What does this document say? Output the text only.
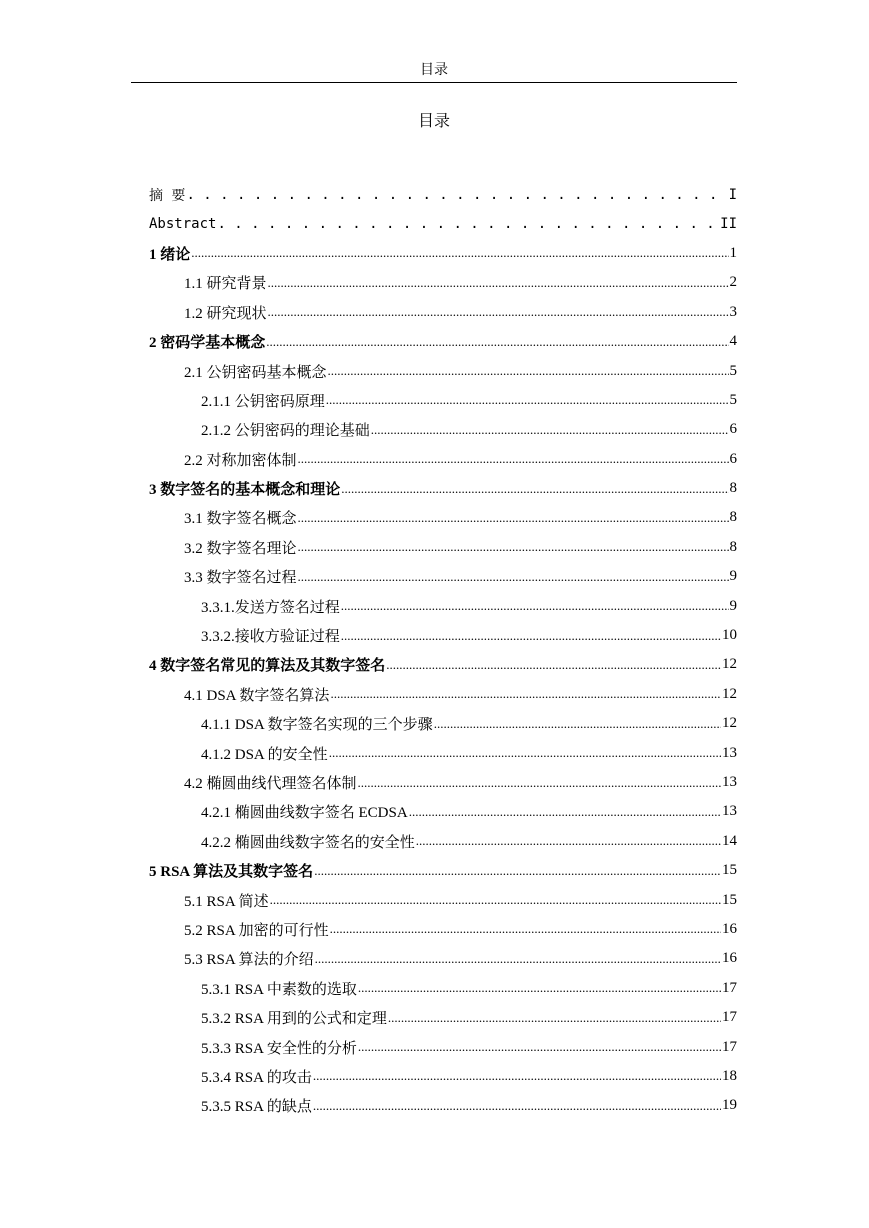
目录
目录
摘 要 . . .	I
Abstract . . .	II
1 绪论 .....	1
1.1 研究背景 .....	2
1.2 研究现状 .....	3
2 密码学基本概念 .....	4
2.1 公钥密码基本概念 .....	5
2.1.1 公钥密码原理 .....	5
2.1.2 公钥密码的理论基础 .....	6
2.2 对称加密体制 .....	6
3 数字签名的基本概念和理论 .....	8
3.1 数字签名概念 .....	8
3.2 数字签名理论 .....	8
3.3 数字签名过程 .....	9
3.3.1.发送方签名过程 .....	9
3.3.2.接收方验证过程 .....	10
4 数字签名常见的算法及其数字签名 .....	12
4.1 DSA 数字签名算法 .....	12
4.1.1 DSA 数字签名实现的三个步骤 .....	12
4.1.2 DSA 的安全性 .....	13
4.2 椭圆曲线代理签名体制 .....	13
4.2.1 椭圆曲线数字签名 ECDSA .....	13
4.2.2 椭圆曲线数字签名的安全性 .....	14
5 RSA 算法及其数字签名 .....	15
5.1 RSA 简述 .....	15
5.2 RSA 加密的可行性 .....	16
5.3 RSA 算法的介绍 .....	16
5.3.1 RSA 中素数的选取 .....	17
5.3.2 RSA 用到的公式和定理 .....	17
5.3.3 RSA 安全性的分析 .....	17
5.3.4 RSA 的攻击 .....	18
5.3.5 RSA 的缺点 .....	19
